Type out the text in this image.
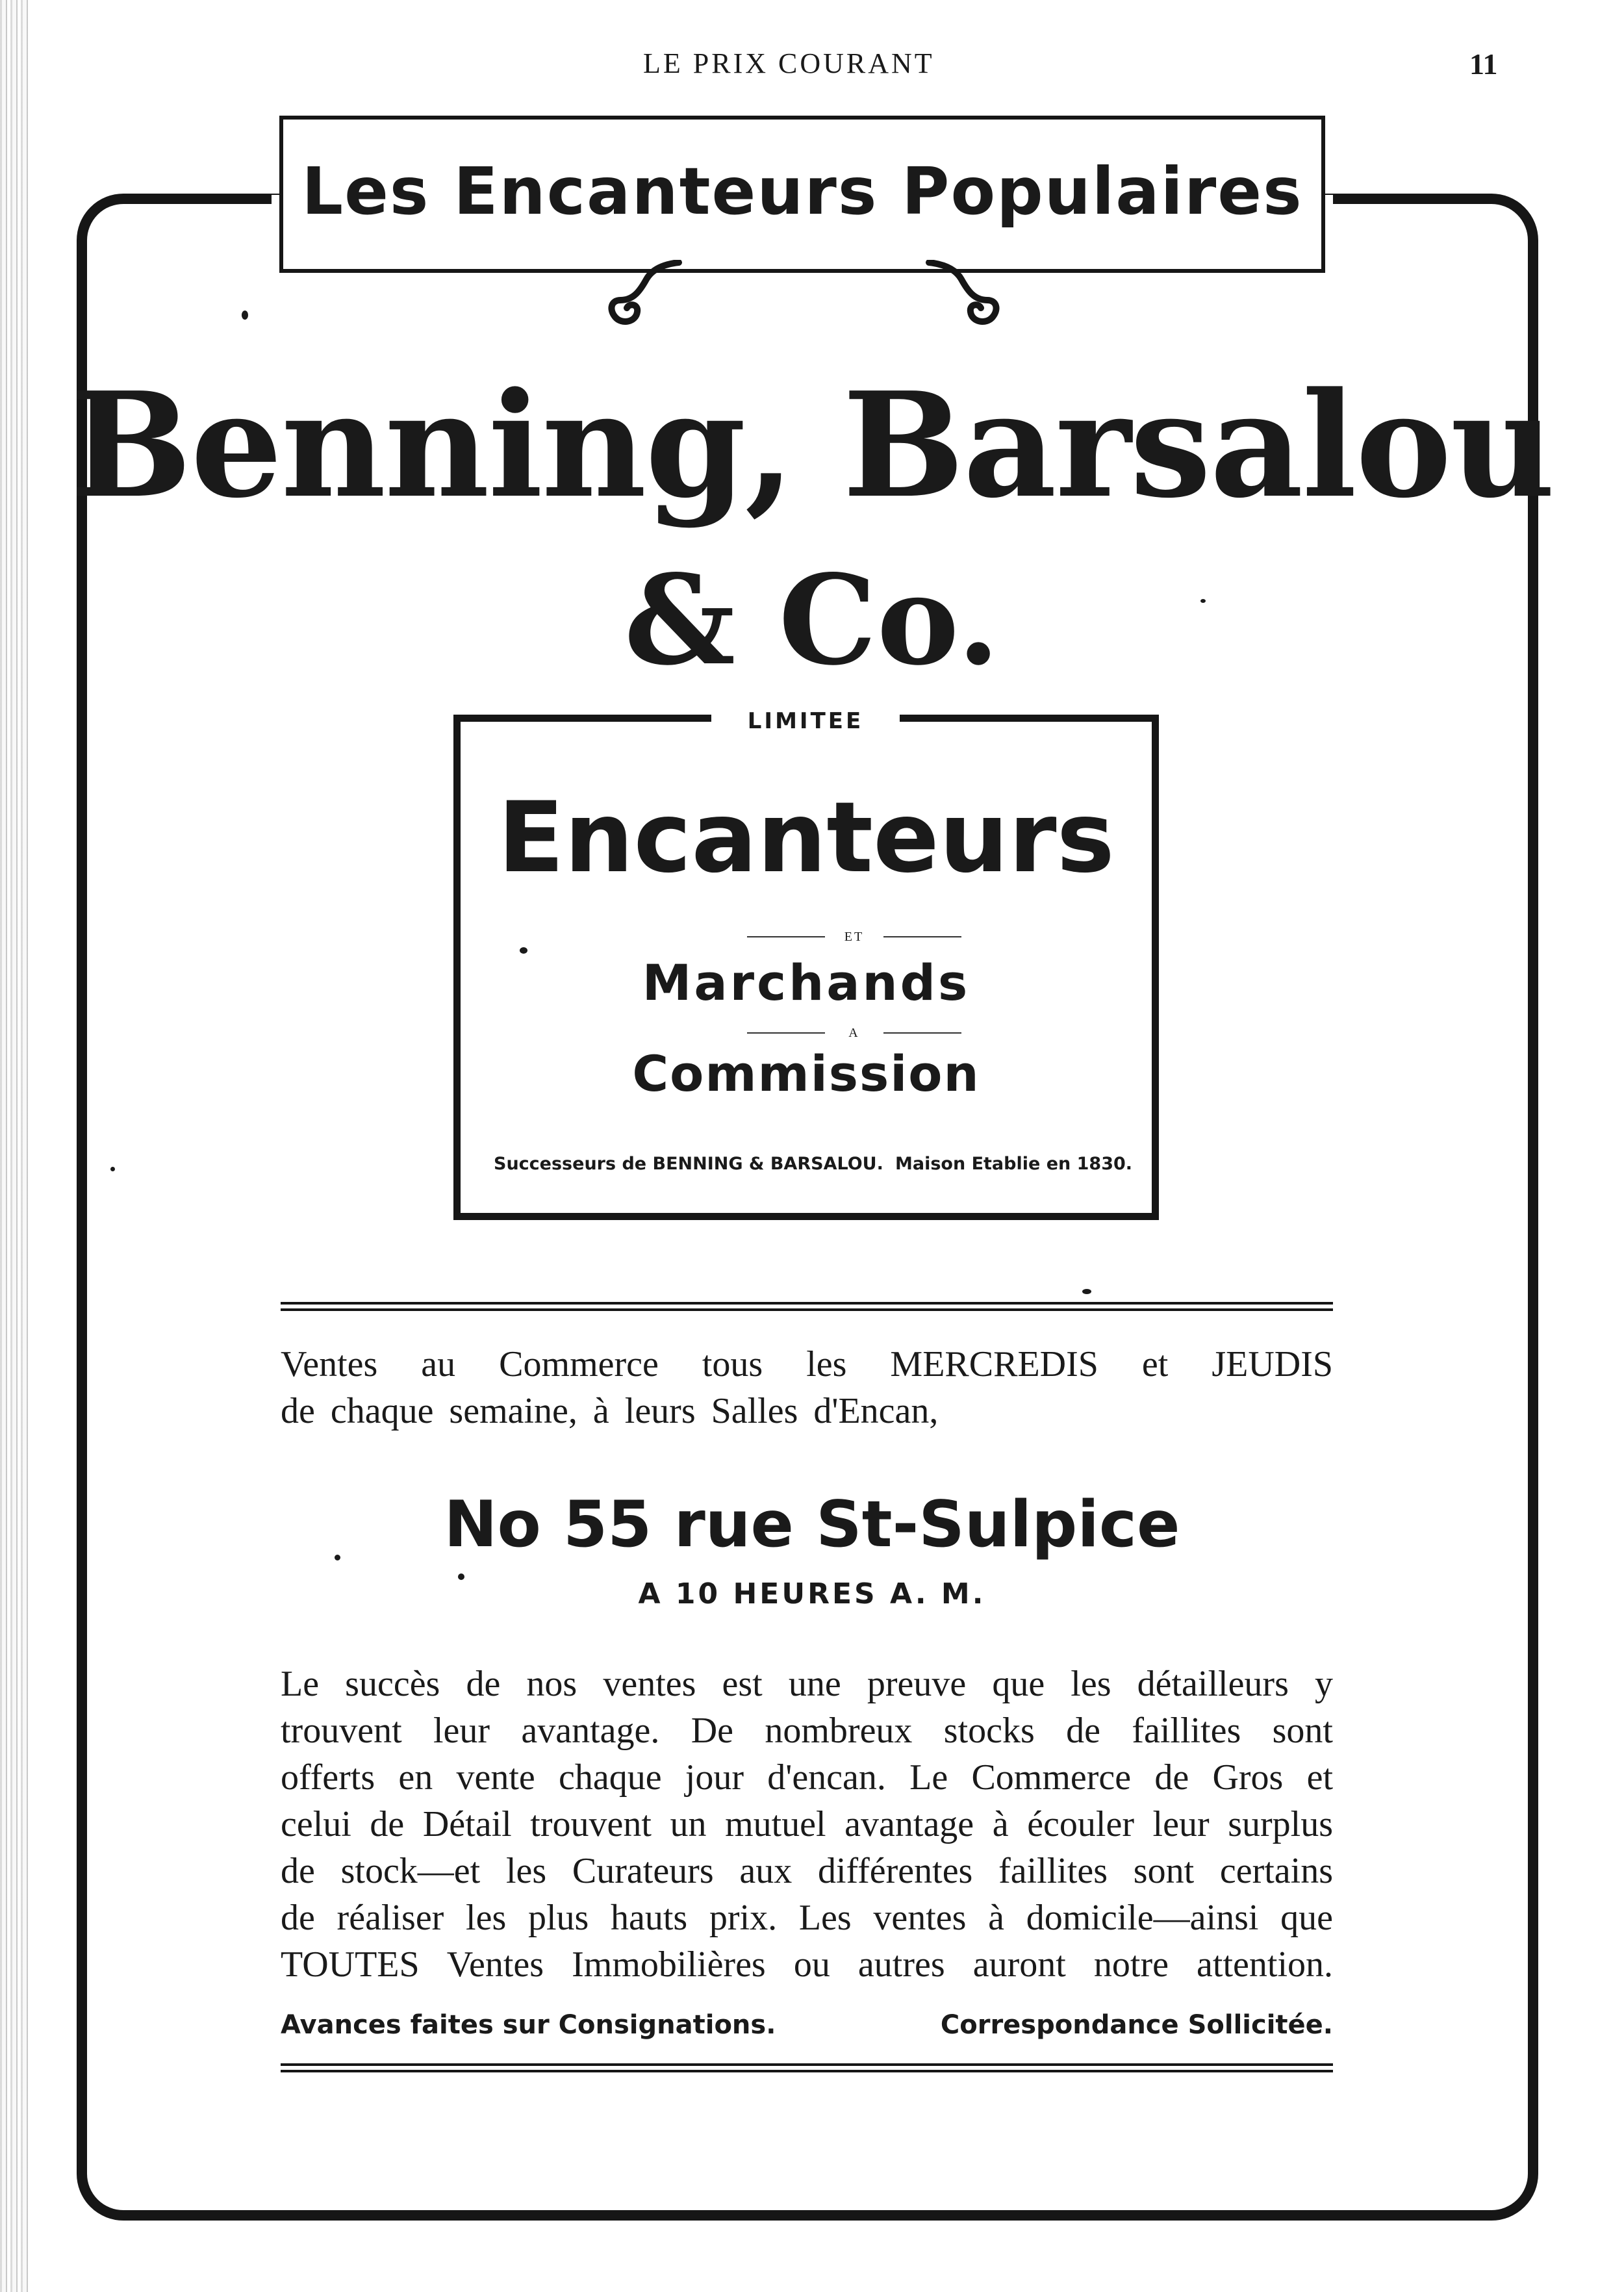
LE PRIX COURANT	11
Les Encanteurs Populaires
Benning, Barsalou
& Co.
LIMITEE
Encanteurs
ET
Marchands
A
Commission
Successeurs de BENNING & BARSALOU. Maison Etablie en 1830.
Ventes au Commerce tous les MERCREDIS et JEUDIS
de chaque semaine, à leurs Salles d'Encan,
No 55 rue St-Sulpice
A 10 HEURES A. M.
Le succès de nos ventes est une preuve que les détailleurs y
trouvent leur avantage. De nombreux stocks de faillites sont
offerts en vente chaque jour d'encan. Le Commerce de Gros et
celui de Détail trouvent un mutuel avantage à écouler leur surplus
de stock—et les Curateurs aux différentes faillites sont certains
de réaliser les plus hauts prix. Les ventes à domicile—ainsi que
TOUTES Ventes Immobilières ou autres auront notre attention.
Avances faites sur Consignations.	Correspondance Sollicitée.
